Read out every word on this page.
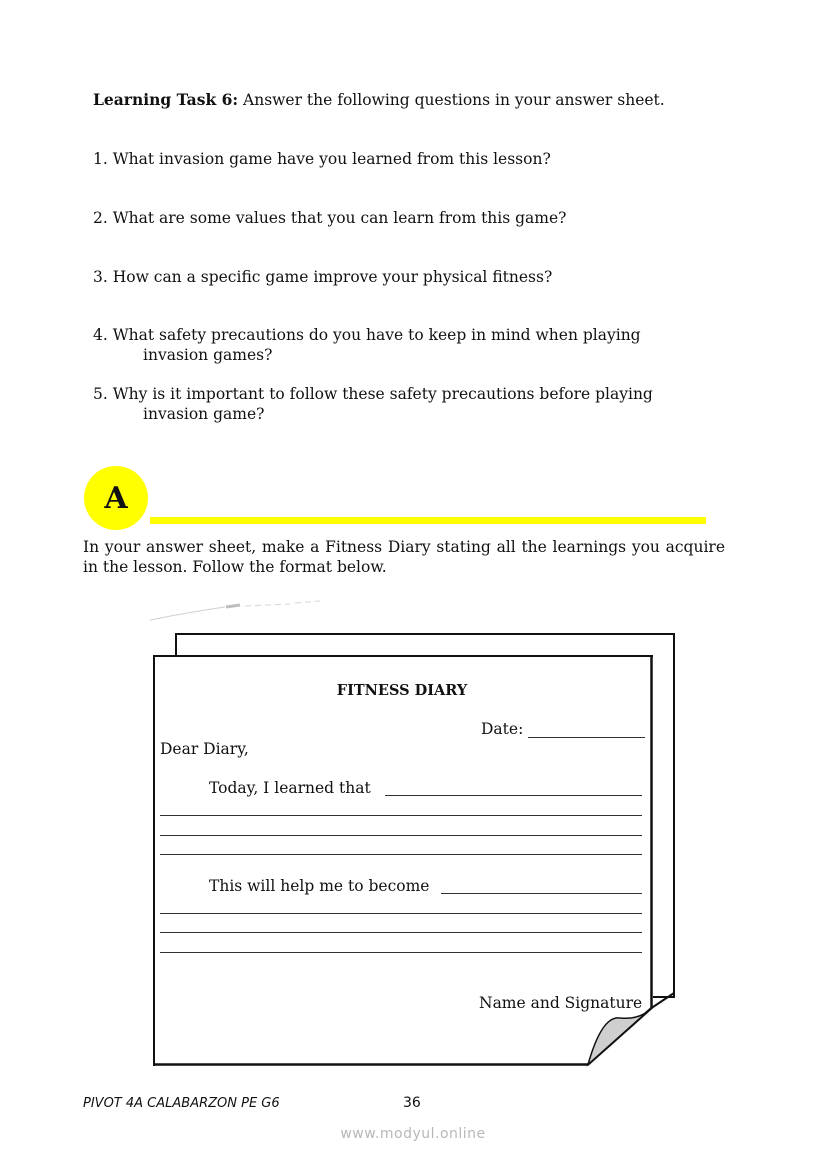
Learning Task 6: Answer the following questions in your answer sheet.
1. What invasion game have you learned from this lesson?
2. What are some values that you can learn from this game?
3. How can a specific game improve your physical fitness?
4. What safety precautions do you have to keep in mind when playing
invasion games?
5. Why is it important to follow these safety precautions before playing
invasion game?
A
In your answer sheet, make a Fitness Diary stating all the learnings you acquire in the lesson. Follow the format below.
FITNESS DIARY
Date:
Dear Diary,
Today, I learned that
This will help me to become
Name and Signature
PIVOT 4A CALABARZON PE G6	36
www.modyul.online
